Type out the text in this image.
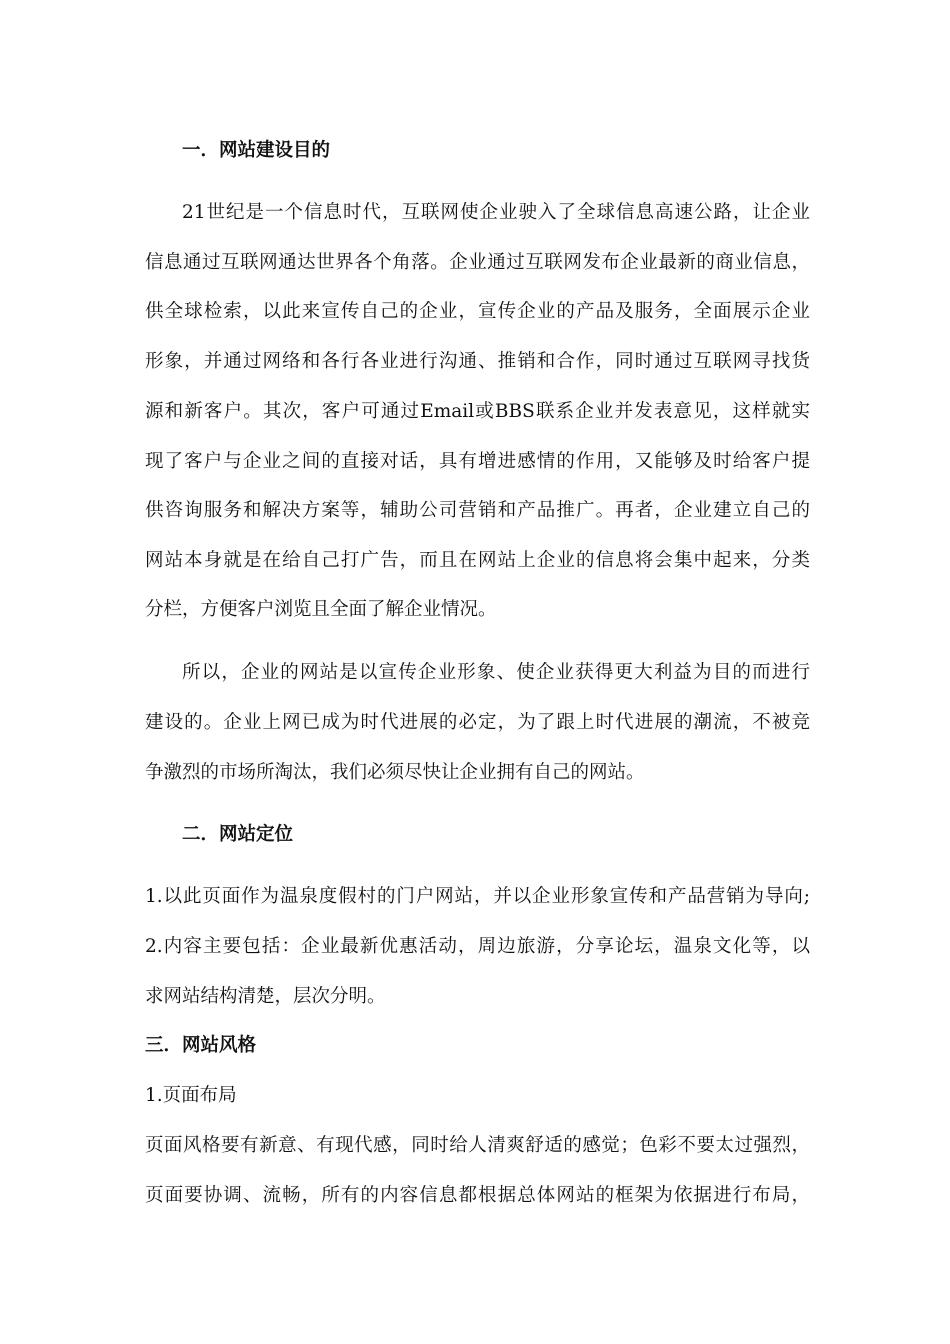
一．网站建设目的
21世纪是一个信息时代，互联网使企业驶入了全球信息高速公路，让企业
信息通过互联网通达世界各个角落。企业通过互联网发布企业最新的商业信息，
供全球检索，以此来宣传自己的企业，宣传企业的产品及服务，全面展示企业
形象，并通过网络和各行各业进行沟通、推销和合作，同时通过互联网寻找货
源和新客户。其次，客户可通过Email或BBS联系企业并发表意见，这样就实
现了客户与企业之间的直接对话，具有增进感情的作用，又能够及时给客户提
供咨询服务和解决方案等，辅助公司营销和产品推广。再者，企业建立自己的
网站本身就是在给自己打广告，而且在网站上企业的信息将会集中起来，分类
分栏，方便客户浏览且全面了解企业情况。
所以，企业的网站是以宣传企业形象、使企业获得更大利益为目的而进行
建设的。企业上网已成为时代进展的必定，为了跟上时代进展的潮流，不被竞
争激烈的市场所淘汰，我们必须尽快让企业拥有自己的网站。
二．网站定位
1.以此页面作为温泉度假村的门户网站，并以企业形象宣传和产品营销为导向;
2.内容主要包括：企业最新优惠活动，周边旅游，分享论坛，温泉文化等，以
求网站结构清楚，层次分明。
三．网站风格
1.页面布局
页面风格要有新意、有现代感，同时给人清爽舒适的感觉；色彩不要太过强烈，
页面要协调、流畅，所有的内容信息都根据总体网站的框架为依据进行布局，
